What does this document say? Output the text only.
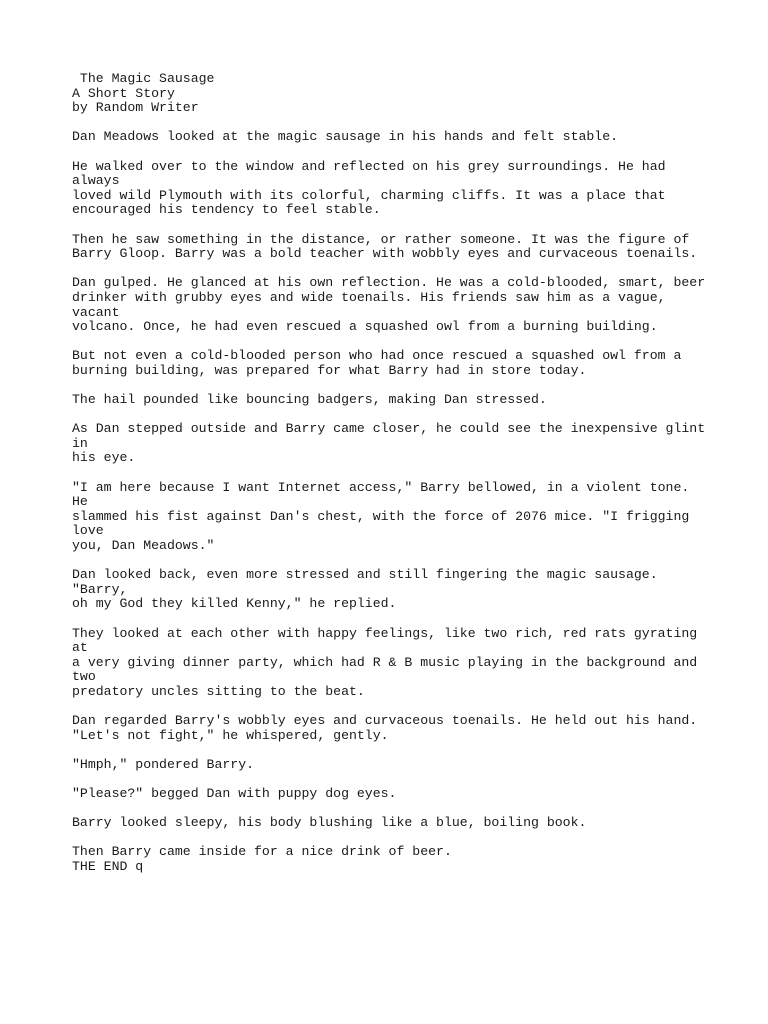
The Magic Sausage
A Short Story
by Random Writer

Dan Meadows looked at the magic sausage in his hands and felt stable.

He walked over to the window and reflected on his grey surroundings. He had always
loved wild Plymouth with its colorful, charming cliffs. It was a place that
encouraged his tendency to feel stable.

Then he saw something in the distance, or rather someone. It was the figure of
Barry Gloop. Barry was a bold teacher with wobbly eyes and curvaceous toenails.

Dan gulped. He glanced at his own reflection. He was a cold-blooded, smart, beer
drinker with grubby eyes and wide toenails. His friends saw him as a vague, vacant
volcano. Once, he had even rescued a squashed owl from a burning building.

But not even a cold-blooded person who had once rescued a squashed owl from a
burning building, was prepared for what Barry had in store today.

The hail pounded like bouncing badgers, making Dan stressed.

As Dan stepped outside and Barry came closer, he could see the inexpensive glint in
his eye.

"I am here because I want Internet access," Barry bellowed, in a violent tone. He
slammed his fist against Dan's chest, with the force of 2076 mice. "I frigging love
you, Dan Meadows."

Dan looked back, even more stressed and still fingering the magic sausage. "Barry,
oh my God they killed Kenny," he replied.

They looked at each other with happy feelings, like two rich, red rats gyrating at
a very giving dinner party, which had R & B music playing in the background and two
predatory uncles sitting to the beat.

Dan regarded Barry's wobbly eyes and curvaceous toenails. He held out his hand.
"Let's not fight," he whispered, gently.

"Hmph," pondered Barry.

"Please?" begged Dan with puppy dog eyes.

Barry looked sleepy, his body blushing like a blue, boiling book.

Then Barry came inside for a nice drink of beer.

THE END q
